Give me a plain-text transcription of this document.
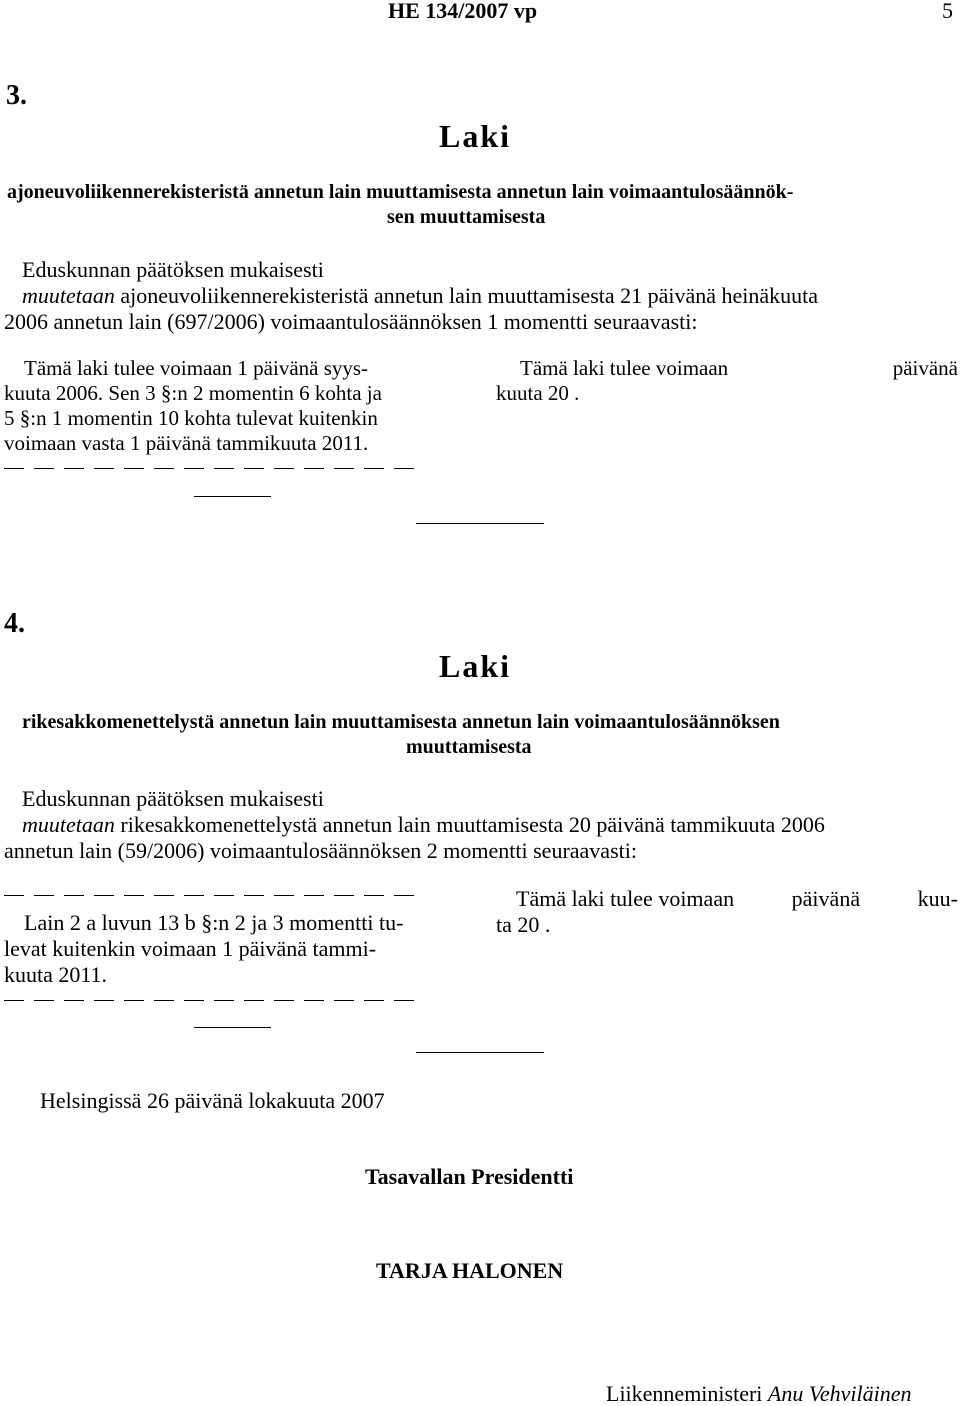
HE 134/2007 vp	5
3.
Laki
ajoneuvoliikennerekisteristä annetun lain muuttamisesta annetun lain voimaantulosäännök-
sen muuttamisesta
Eduskunnan päätöksen mukaisesti
muutetaan ajoneuvoliikennerekisteristä annetun lain muuttamisesta 21 päivänä heinäkuuta
2006 annetun lain (697/2006) voimaantulosäännöksen 1 momentti seuraavasti:
Tämä laki tulee voimaan 1 päivänä syys-
kuuta 2006. Sen 3 §:n 2 momentin 6 kohta ja
5 §:n 1 momentin 10 kohta tulevat kuitenkin
voimaan vasta 1 päivänä tammikuuta 2011.
Tämä laki tulee voimaan	päivänä
kuuta 20 .
4.
Laki
rikesakkomenettelystä annetun lain muuttamisesta annetun lain voimaantulosäännöksen
muuttamisesta
Eduskunnan päätöksen mukaisesti
muutetaan rikesakkomenettelystä annetun lain muuttamisesta 20 päivänä tammikuuta 2006
annetun lain (59/2006) voimaantulosäännöksen 2 momentti seuraavasti:
Lain 2 a luvun 13 b §:n 2 ja 3 momentti tu-
levat kuitenkin voimaan 1 päivänä tammi-
kuuta 2011.
Tämä laki tulee voimaan	päivänä	kuu-
ta 20 .
Helsingissä 26 päivänä lokakuuta 2007
Tasavallan Presidentti
TARJA HALONEN
Liikenneministeri Anu Vehviläinen
